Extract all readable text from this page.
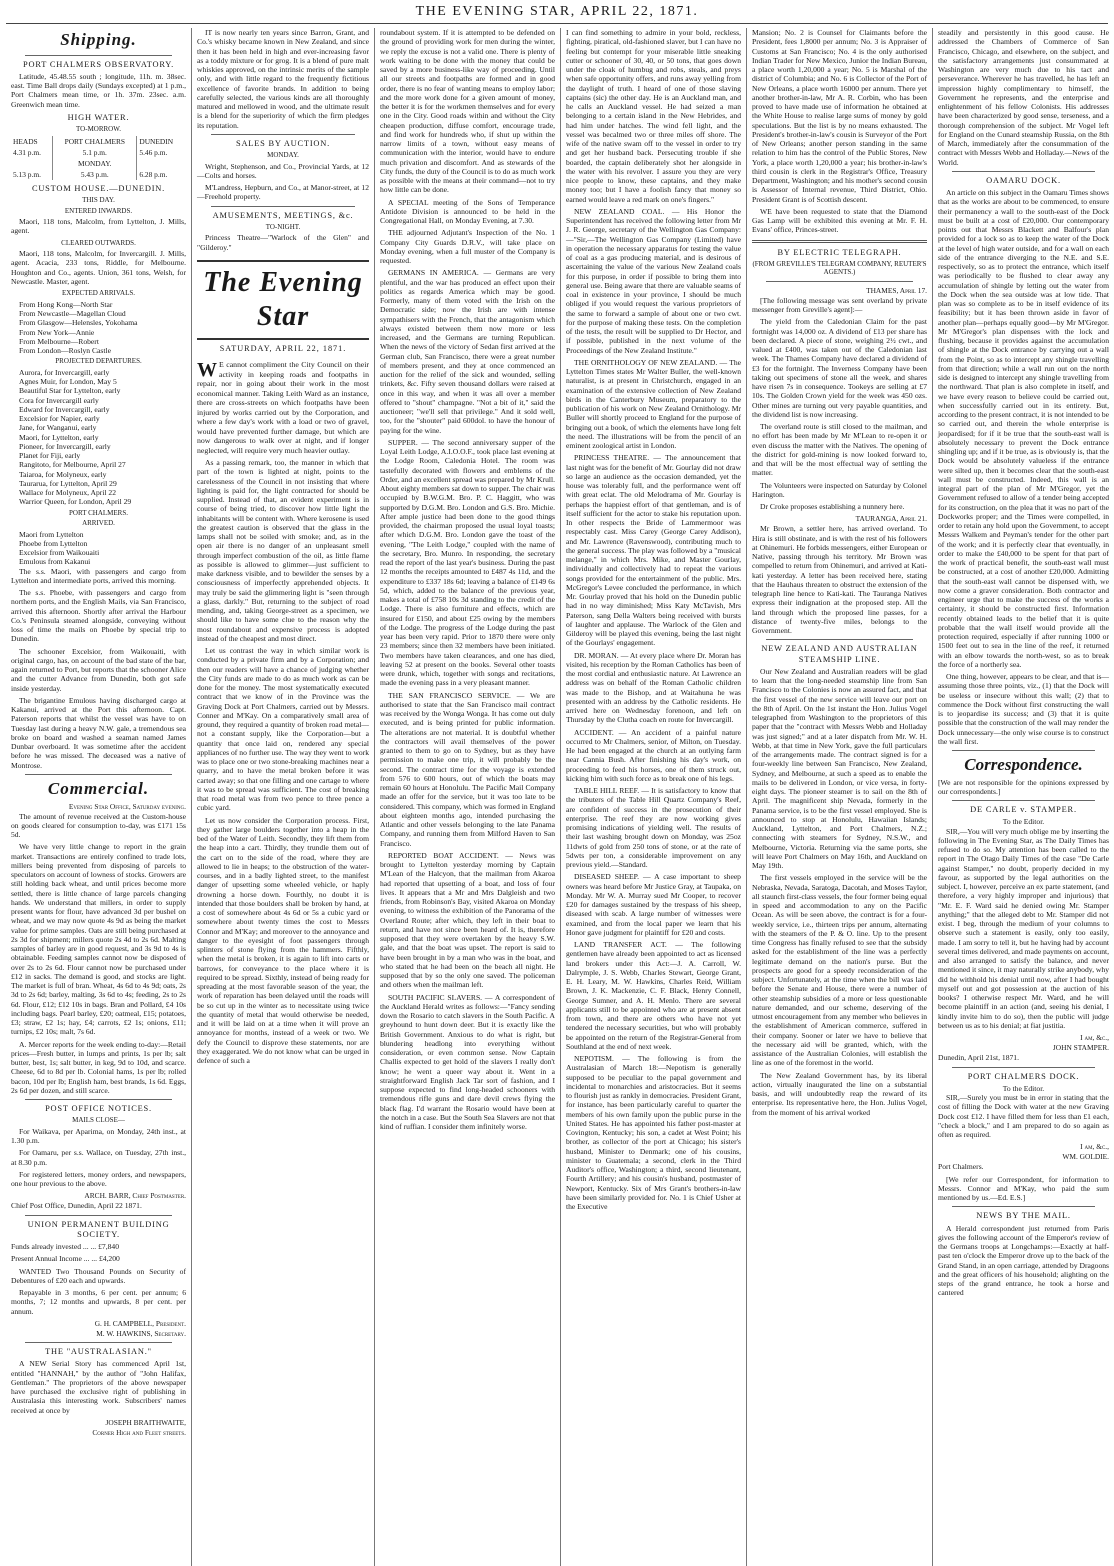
THE EVENING STAR, APRIL 22, 1871.
Shipping.
PORT CHALMERS OBSERVATORY.

Latitude, 45.48.55 south ; longitude, 11h. m. 38sec. east. Time Ball drops daily (Sundays excepted) at 1 p.m., Port Chalmers mean time, or 1h. 37m. 23sec. a.m. Greenwich mean time.

HIGH WATER.
TO-MORROW.
HEADS	PORT CHALMERS	DUNEDIN
4.31 p.m.	5.1 p.m.	5.46 p.m.
	MONDAY.	
5.13 p.m.	5.43 p.m.	6.28 p.m.
CUSTOM HOUSE.—DUNEDIN.
THIS DAY.
ENTERED INWARDS.

Maori, 118 tons, Malcolm, from Lyttelton, J. Mills, agent.

CLEARED OUTWARDS.

Maori, 118 tons, Malcolm, for Invercargill. J. Mills, agent. Acacia, 233 tons, Riddle, for Melbourne. Houghton and Co., agents. Union, 361 tons, Welsh, for Newcastle. Master, agent.

EXPECTED ARRIVALS.
From Hong Kong—North Star
From Newcastle—Magellan Cloud
From Glasgow—Helensles, Yokohama
From New York—Annie
From Melbourne—Robert
From London—Roslyn Castle
PROJECTED DEPARTURES.
Aurora, for Invercargill, early
Agnes Muir, for London, May 5
Beautiful Star for Lyttelton, early
Cora for Invercargill early
Edward for Invercargill, early
Excelsior for Napier, early
Jane, for Wanganui, early
Maori, for Lyttelton, early
Pioneer, for Invercargill, early
Planet for Fiji, early
Rangitoto, for Melbourne, April 27
Taiaroa, for Molyneux, early
Taurarua, for Lyttelton, April 29
Wallace for Molyneux, April 22
Warrior Queen, for London, April 29
PORT CHALMERS.
ARRIVED.
Maori from Lyttelton
Phoebe from Lyttelton
Excelsior from Waikouaiti
Emulous from Kakanui

The s.s. Maori, with passengers and cargo from Lyttelton and intermediate ports, arrived this morning.

The s.s. Phoebe, with passengers and cargo from northern ports, and the English Mails, via San Francisco, arrived this afternoon. Shortly after arrival the Harbour Co.'s Peninsula steamed alongside, conveying without loss of time the mails on Phoebe by special trip to Dunedin.

The schooner Excelsior, from Waikouaiti, with original cargo, has, on account of the bad state of the bar, again returned to Port, but reports that the schooner Alice and the cutter Advance from Dunedin, both got safe inside yesterday.

The brigantine Emulous having discharged cargo at Kakanui, arrived at the Port this afternoon. Capt. Paterson reports that whilst the vessel was have to on Tuesday last during a heavy N.W. gale, a tremendous sea broke on board and washed a seaman named James Dunbar overboard. It was sometime after the accident before he was missed. The deceased was a native of Montrose.

Commercial.
Evening Star Office, Saturday evening.

The amount of revenue received at the Custom-house on goods cleared for consumption to-day, was £171 15s 5d.

We have very little change to report in the grain market. Transactions are entirely confined to trade lots, millers being prevented from disposing of parcels to speculators on account of lowness of stocks. Growers are still holding back wheat, and until prices become more settled, there is little chance of large parcels changing hands. We understand that millers, in order to supply present wants for flour, have advanced 3d per bushel on wheat, and we may now quote 4s 9d as being the market value for prime samples. Oats are still being purchased at 2s 3d for shipment; millers quote 2s 4d to 2s 6d. Malting samples of barley are in good request, and 3s 9d to 4s is obtainable. Feeding samples cannot now be disposed of over 2s to 2s 6d. Flour cannot now be purchased under £12 in sacks. The demand is good, and stocks are light. The market is full of bran. Wheat, 4s 6d to 4s 9d; oats, 2s 3d to 2s 6d; barley, malting, 3s 6d to 4s; feeding, 2s to 2s 6d. Flour, £12; £12 10s in bags. Bran and Pollard, £4 10s including bags. Pearl barley, £20; oatmeal, £15; potatoes, £3; straw, £2 1s; hay, £4; carrots, £2 1s; onions, £11; turnips, £2 10s; malt, 7s 6d.

A. Mercer reports for the week ending to-day:—Retail prices—Fresh butter, in lumps and prints, 1s per lb; salt butter, best, 1s; salt butter, in keg, 9d to 10d, and scarce. Cheese, 6d to 8d per lb. Colonial hams, 1s per lb; rolled bacon, 10d per lb; English ham, best brands, 1s 6d. Eggs, 2s 6d per dozen, and still scarce.

POST OFFICE NOTICES.
MAILS CLOSE—

For Waikava, per Aparima, on Monday, 24th inst., at 1.30 p.m.

For Oamaru, per s.s. Wallace, on Tuesday, 27th inst., at 8.30 p.m.

For registered letters, money orders, and newspapers, one hour previous to the above.

ARCH. BARR, Chief Postmaster.

Chief Post Office, Dunedin, April 22 1871.

UNION PERMANENT BUILDING SOCIETY.

Funds already invested ... ... £7,840

Present Annual Income ... ... £4,200

WANTED Two Thousand Pounds on Security of Debentures of £20 each and upwards.

Repayable in 3 months, 6 per cent. per annum; 6 months, 7; 12 months and upwards, 8 per cent. per annum.

G. H. CAMPBELL, President.
M. W. HAWKINS, Secretary.
THE "AUSTRALASIAN."

A NEW Serial Story has commenced April 1st, entitled "HANNAH," by the author of "John Halifax, Gentleman." The proprietors of the above newspaper have purchased the exclusive right of publishing in Australasia this interesting work. Subscribers' names received at once by

JOSEPH BRAITHWAITE,
Corner High and Fleet streets.

IT is now nearly ten years since Barron, Grant, and Co.'s whisky became known in New Zealand, and since then it has been held in high and ever-increasing favor as a toddy mixture or for grog. It is a blend of pure malt whiskies approved, on the intrinsic merits of the sample only, and with little regard to the frequently fictitious excellence of favorite brands. In addition to being carefully selected, the various kinds are all thoroughly matured and mellowed in wood, and the ultimate result is a blend for the superiority of which the firm pledges its reputation.

SALES BY AUCTION.
MONDAY.

Wright, Stephenson, and Co., Provincial Yards, at 12—Colts and horses.

M'Landress, Hepburn, and Co., at Manor-street, at 12—Freehold property.

AMUSEMENTS, MEETINGS, &c.
TO-NIGHT.

Princess Theatre—"Warlock of the Glen" and "Gilderoy."

The Evening Star
SATURDAY, APRIL 22, 1871.

W E cannot compliment the City Council on their activity in keeping roads and footpaths in repair, nor in going about their work in the most economical manner. Taking Leith Ward as an instance, there are cross-streets on which footpaths have been injured by works carried out by the Corporation, and where a few day's work with a load or two of gravel, would have prevented further damage, but which are now dangerous to walk over at night, and if longer neglected, will require very much heavier outlay.

As a passing remark, too, the manner in which that part of the town is lighted at night, points to the carelessness of the Council in not insisting that where lighting is paid for, the light contracted for should be supplied. Instead of that, an evident experiment is in course of being tried, to discover how little light the inhabitants will be content with. Where kerosene is used the greatest caution is observed that the glass in the lamps shall not be soiled with smoke; and, as in the open air there is no danger of an unpleasant smell through imperfect combustion of the oil, as little flame as possible is allowed to glimmer—just sufficient to make darkness visible, and to bewilder the senses by a consciousness of imperfectly apprehended objects. It may truly be said the glimmering light is "seen through a glass, darkly." But, returning to the subject of road mending, and, taking George-street as a specimen, we should like to have some clue to the reason why the most roundabout and expensive process is adopted instead of the cheapest and most direct.

Let us contrast the way in which similar work is conducted by a private firm and by a Corporation; and then our readers will have a chance of judging whether the City funds are made to do as much work as can be done for the money. The most systematically executed contract that we know of in the Province was the Graving Dock at Port Chalmers, carried out by Messrs. Conner and M'Kay. On a comparatively small area of ground, they required a quantity of broken road metal—not a constant supply, like the Corporation—but a quantity that once laid on, rendered any special appliances of no further use. The way they went to work was to place one or two stone-breaking machines near a quarry, and to have the metal broken before it was carted away; so that one filling and one cartage to where it was to be spread was sufficient. The cost of breaking that road metal was from two pence to three pence a cubic yard.

Let us now consider the Corporation process. First, they gather large boulders together into a heap in the bed of the Water of Leith. Secondly, they lift them from the heap into a cart. Thirdly, they trundle them out of the cart on to the side of the road, where they are allowed to lie in heaps; to the obstruction of the water-courses, and in a badly lighted street, to the manifest danger of upsetting some wheeled vehicle, or haply drowning a horse down. Fourthly, no doubt it is intended that those boulders shall be broken by hand, at a cost of somewhere about 4s 6d or 5s a cubic yard or somewhere about twenty times the cost to Messrs Connor and M'Kay; and moreover to the annoyance and danger to the eyesight of foot passengers through splinters of stone flying from the hammers. Fifthly, when the metal is broken, it is again to lift into carts or barrows, for conveyance to the place where it is required to be spread. Sixthly, instead of being ready for spreading at the most favorable season of the year, the work of reparation has been delayed until the roads will be so cut up in the winter as to necessitate using twice the quantity of metal that would otherwise be needed, and it will be laid on at a time when it will prove an annoyance for months, instead of a week or two. We defy the Council to disprove these statements, nor are they exaggerated. We do not know what can be urged in defence of such a

roundabout system. If it is attempted to be defended on the ground of providing work for men during the winter, we reply the excuse is not a valid one. There is plenty of work waiting to be done with the money that could be saved by a more business-like way of proceeding. Until all our streets and footpaths are formed and in good order, there is no fear of wanting means to employ labor; and the more work done for a given amount of money, the better it is for the workmen themselves and for every one in the City. Good roads within and without the City cheapen production, diffuse comfort, encourage trade, and find work for hundreds who, if shut up within the narrow limits of a town, without easy means of communication with the interior, would have to endure much privation and discomfort. And as stewards of the City funds, the duty of the Council is to do as much work as possible with the means at their command—not to try how little can be done.

A SPECIAL meeting of the Sons of Temperance Antidote Division is announced to be held in the Congregational Hall, on Monday Evening, at 7.30.

THE adjourned Adjutant's Inspection of the No. 1 Company City Guards D.R.V., will take place on Monday evening, when a full muster of the Company is requested.

GERMANS IN AMERICA. — Germans are very plentiful, and the war has produced an effect upon their politics as regards America which may be good. Formerly, many of them voted with the Irish on the Democratic side; now the Irish are with intense sympathisers with the French, that the antagonism which always existed between them now more or less increased, and the Germans are turning Republican. When the news of the victory of Sedan first arrived at the German club, San Francisco, there were a great number of members present, and they at once commenced an auction for the relief of the sick and wounded, selling trinkets, &c. Fifty seven thousand dollars were raised at once in this way, and when it was all over a member offered to "shout" champagne. "Not a bit of it," said the auctioneer; "we'll sell that privilege." And it sold well, too, for the "shouter" paid 600dol. to have the honour of paying for the wine.

SUPPER. — The second anniversary supper of the Loyal Leith Lodge, A.I.O.O.F., took place last evening at the Lodge Room, Caledonia Hotel. The room was tastefully decorated with flowers and emblems of the Order, and an excellent spread was prepared by Mr Krull. About eighty members sat down to supper. The chair was occupied by B.W.G.M. Bro. P. C. Haggitt, who was supported by D.G.M. Bro. London and G.S. Bro. Michie. After ample justice had been done to the good things provided, the chairman proposed the usual loyal toasts; after which D.G.M. Bro. London gave the toast of the evening, "The Leith Lodge," coupled with the name of the secretary, Bro. Munro. In responding, the secretary read the report of the last year's business. During the past 12 months the receipts amounted to £487 4s 11d, and the expenditure to £337 18s 6d; leaving a balance of £149 6s 5d, which, added to the balance of the previous year, makes a total of £758 10s 3d standing to the credit of the Lodge. There is also furniture and effects, which are insured for £150, and about £25 owing by the members of the Lodge. The progress of the Lodge during the past year has been very rapid. Prior to 1870 there were only 23 members; since then 32 members have been initiated. Two members have taken clearances, and one has died, leaving 52 at present on the books. Several other toasts were drunk, which, together with songs and recitations, made the evening pass in a very pleasant manner.

THE SAN FRANCISCO SERVICE. — We are authorised to state that the San Francisco mail contract was received by the Wonga Wonga. It has come out duly executed, and is being printed for public information. The alterations are not material. It is doubtful whether the contractors will avail themselves of the power granted to them to go on to Sydney, but as they have permission to make one trip, it will probably be the second. The contract time for the voyage is extended from 576 to 600 hours, out of which the boats may remain 60 hours at Honolulu. The Pacific Mail Company made an offer for the service, but it was too late to be considered. This company, which was formed in England about eighteen months ago, intended purchasing the Atlantic and other vessels belonging to the late Panama Company, and running them from Milford Haven to San Francisco.

REPORTED BOAT ACCIDENT. — News was brought to Lyttelton yesterday morning by Captain M'Lean of the Halcyon, that the mailman from Akaroa had reported that upsetting of a boat, and loss of four lives. It appears that a Mr and Mrs Dalgleish and two friends, from Robinson's Bay, visited Akaroa on Monday evening, to witness the exhibition of the Panorama of the Overland Route; after which, they left in their boat to return, and have not since been heard of. It is, therefore supposed that they were overtaken by the heavy S.W. gale, and that the boat was upset. The report is said to have been brought in by a man who was in the boat, and who stated that he had been on the beach all night. He supposed that by so the only one saved. The policeman and others when the mailman left.

SOUTH PACIFIC SLAVERS. — A correspondent of the Auckland Herald writes as follows:—"Fancy sending down the Rosario to catch slavers in the South Pacific. A greyhound to hunt down deer. But it is exactly like the British Government. Anxious to do what is right, but blundering headlong into everything without consideration, or even common sense. Now Captain Challis expected to get hold of the slavers I really don't know; he went a queer way about it. Went in a straightforward English Jack Tar sort of fashion, and I suppose expected to find long-headed schooners with tremendous rifle guns and dare devil crews flying the black flag. I'd warrant the Rosario would have been at the notch in a case. But the South Sea Slavers are not that kind of ruffian. I consider them infinitely worse.

I can find something to admire in your bold, reckless, fighting, piratical, old-fashioned slaver, but I can have no feeling but contempt for your miserable little sneaking cutter or schooner of 30, 40, or 50 tons, that goes down under the cloak of humbug and robs, steals, and preys when safe opportunity offers, and runs away yelling from the daylight of truth. I heard of one of those slaving captains (sic) the other day. He is an Auckland man, and he calls an Auckland vessel. He had seized a man belonging to a certain island in the New Hebrides, and had him under hatches. The wind fell light, and the vessel was becalmed two or three miles off shore. The wife of the native swam off to the vessel in order to try and get her husband back. Persecuting trouble if she boarded, the captain deliberately shot her alongside in the water with his revolver. I assure you they are very nice people to know, these captains, and they make money too; but I have a foolish fancy that money so earned would leave a red mark on one's fingers."

NEW ZEALAND COAL. — His Honor the Superintendent has received the following letter from Mr J. R. George, secretary of the Wellington Gas Company:—"Sir,—The Wellington Gas Company (Limited) have in operation the necessary apparatus for testing the value of coal as a gas producing material, and is desirous of ascertaining the value of the various New Zealand coals for this purpose, in order if possible to bring them into general use. Being aware that there are valuable seams of coal in existence in your province, I should be much obliged if you would request the various proprietors of the same to forward a sample of about one or two cwt. for the purpose of making these tests. On the completion of the tests, the result will be supplied to Dr Hector, and if possible, published in the next volume of the Proceedings of the New Zealand Institute."

THE ORNITHOLOGY OF NEW ZEALAND. — The Lyttelton Times states Mr Walter Buller, the well-known naturalist, is at present in Christchurch, engaged in an examination of the extensive collection of New Zealand birds in the Canterbury Museum, preparatory to the publication of his work on New Zealand Ornithology. Mr Buller will shortly proceed to England for the purpose of bringing out a book, of which the elements have long felt the need. The illustrations will be from the pencil of an eminent zoological artist in London.

PRINCESS THEATRE. — The announcement that last night was for the benefit of Mr. Gourlay did not draw so large an audience as the occasion demanded, yet the house was tolerably full, and the performance went off with great eclat. The old Melodrama of Mr. Gourlay is perhaps the happiest effort of that gentleman, and is of itself sufficient for the actor to stake his reputation upon. In other respects the Bride of Lammermoor was respectably cast. Miss Carey (George Carey Addison), and Mr. Lawrence (Ravenswood), contributing much to the general success. The play was followed by a "musical melange," in which Mrs. Mike, and Master Gourlay, individually and collectively had to repeat the various songs provided for the entertainment of the public. Mrs. McGregor's Levee concluded the performance, in which Mr. Gourlay proved that his hold on the Dunedin public had in no way diminished; Miss Katy McTavish, Mrs Paterson, sang Della Walters being received with bursts of laughter and applause. The Warlock of the Glen and Gilderoy will be played this evening, being the last night of the Gourlays' engagement.

DR. MORAN. — At every place where Dr. Moran has visited, his reception by the Roman Catholics has been of the most cordial and enthusiastic nature. At Lawrence an address was on behalf of the Roman Catholic children was made to the Bishop, and at Waitahuna he was presented with an address by the Catholic residents. He arrived here on Wednesday forenoon, and left on Thursday by the Clutha coach en route for Invercargill.

ACCIDENT. — An accident of a painful nature occurred to Mr Chalmers, senior, of Milton, on Tuesday. He had been engaged at the church at an outlying farm near Cannia Bush. After finishing his day's work, on proceeding to feed his horses, one of them struck out, kicking him with such force as to break one of his legs.

TABLE HILL REEF. — It is satisfactory to know that the tributers of the Table Hill Quartz Company's Reef, are confident of success in the prosecution of their enterprise. The reef they are now working gives promising indications of yielding well. The results of their last washing brought down on Monday, was 25oz 11dwts of gold from 250 tons of stone, or at the rate of 5dwts per ton, a considerable improvement on any previous yield.—Standard.

DISEASED SHEEP. — A case important to sheep owners was heard before Mr Justice Gray, at Taupaka, on Monday. Mr W. A. Murray sued Mr Cooper, to recover £20 for damages sustained by the trespass of his sheep, diseased with scab. A large number of witnesses were examined, and from the local paper we learn that his Honor gave judgment for plaintiff for £20 and costs.

LAND TRANSFER ACT. — The following gentlemen have already been appointed to act as licensed land brokers under this Act:—J. A. Carroll, W. Dalrymple, J. S. Webb, Charles Stewart, George Grant, E. H. Leary, M. W. Hawkins, Charles Reid, William Brown, J. K. Mackenzie, C. F. Black, Henry Connell, George Sumner, and A. H. Menlo. There are several applicants still to be appointed who are at present absent from town, and there are others who have not yet tendered the necessary securities, but who will probably be appointed on the return of the Registrar-General from Southland at the end of next week.

NEPOTISM. — The following is from the Australasian of March 18:—Nepotism is generally supposed to be peculiar to the papal government and incidental to monarchies and aristocracies. But it seems to flourish just as rankly in democracies. President Grant, for instance, has been particularly careful to quarter the members of his own family upon the public purse in the United States. He has appointed his father post-master at Covington, Kentucky; his son, a cadet at West Point; his brother, as collector of the port at Chicago; his sister's husband, Minister to Denmark; one of his cousins, minister to Guatemala; a second, clerk in the Third Auditor's office, Washington; a third, second lieutenant, Fourth Artillery; and his cousin's husband, postmaster of Newport, Kentucky. Six of Mrs Grant's brothers-in-law have been similarly provided for. No. 1 is Chief Usher at the Executive

Mansion; No. 2 is Counsel for Claimants before the President, fees 1,8000 per annum; No. 3 is Appraiser of Customs at San Francisco; No. 4 is the only authorised Indian Trader for New Mexico, Junior the Indian Bureau, a place worth 1,20,000 a year; No. 5 is Marshal of the district of Columbia; and No. 6 is Collector of the Port of New Orleans, a place worth 16000 per annum. There yet another brother-in-law, Mr A. R. Corbin, who has been proved to have made use of information he obtained at the White House to realise large sums of money by gold speculations. But the list is by no means exhausted. The President's brother-in-law's cousin is Surveyor of the Port of New Orleans; another person standing in the same relation to him has the control of the Public Stores, New York, a place worth 1,20,000 a year; his brother-in-law's third cousin is clerk in the Registrar's Office, Treasury Department, Washington; and his mother's second cousin is Assessor of Internal revenue, Third District, Ohio. President Grant is of Scottish descent.

WE have been requested to state that the Diamond Gas Lamp will be exhibited this evening at Mr. F. H. Evans' office, Princes-street.

BY ELECTRIC TELEGRAPH.
(FROM GREVILLE'S TELEGRAM COMPANY, REUTER'S AGENTS.)
THAMES, April 17.

[The following message was sent overland by private messenger from Greville's agent]:—

The yield from the Caledonian Claim for the past fortnight was 14,000 oz. A dividend of £13 per share has been declared. A piece of stone, weighing 2½ cwt., and valued at £400, was taken out of the Caledonian last week. The Thames Company have declared a dividend of £3 for the fortnight. The Inverness Company have been taking out specimens of stone all the week, and shares have risen 7s in consequence. Tookeys are selling at £7 10s. The Golden Crown yield for the week was 450 ozs. Other mines are turning out very payable quantities, and the dividend list is now increasing.

The overland route is still closed to the mailman, and no effort has been made by Mr M'Lean to re-open it or even discuss the matter with the Natives. The opening of the district for gold-mining is now looked forward to, and that will be the most effectual way of settling the matter.

The Volunteers were inspected on Saturday by Colonel Harington.

Dr Croke proposes establishing a nunnery here.

TAURANGA, April 21.

Mr Brown, a settler here, has arrived overland. To Hira is still obstinate, and is with the rest of his followers at Ohinemuri. He forbids messengers, either European or Native, passing through his territory. Mr Brown was compelled to return from Ohinemuri, and arrived at Kati-kati yesterday. A letter has been received here, stating that the Hauhaus threaten to obstruct the extension of the telegraph line hence to Kati-kati. The Tauranga Natives express their indignation at the proposed step. All the land through which the proposed line passes, for a distance of twenty-five miles, belongs to the Government.

NEW ZEALAND AND AUSTRALIAN STEAMSHIP LINE.

Our New Zealand and Australian readers will be glad to learn that the long-needed steamship line from San Francisco to the Colonies is now an assured fact, and that the first vessel of the new service will leave our port on the 8th of April. On the 1st instant the Hon. Julius Vogel telegraphed from Washington to the proprietors of this paper that the "contract with Messrs Webb and Holladay was just signed;" and at a later dispatch from Mr. W. H. Webb, at that time in New York, gave the full particulars of the arrangements made. The contract signed is for a four-weekly line between San Francisco, New Zealand, Sydney, and Melbourne, at such a speed as to enable the mails to be delivered in London, or vice versa, in forty-eight days. The pioneer steamer is to sail on the 8th of April. The magnificent ship Nevada, formerly in the Panama service, is to be the first vessel employed. She is announced to stop at Honolulu, Hawaiian Islands; Auckland, Lyttelton, and Port Chalmers, N.Z.; connecting with steamers for Sydney, N.S.W., and Melbourne, Victoria. Returning via the same ports, she will leave Port Chalmers on May 16th, and Auckland on May 19th.

The first vessels employed in the service will be the Nebraska, Nevada, Saratoga, Dacotah, and Moses Taylor, all staunch first-class vessels, the four former being equal in speed and accommodation to any on the Pacific Ocean. As will be seen above, the contract is for a four-weekly service, i.e., thirteen trips per annum, alternating with the steamers of the P. & O. line. Up to the present time Congress has finally refused to see that the subsidy asked for the establishment of the line was a perfectly legitimate demand on the nation's purse. But the prospects are good for a speedy reconsideration of the subject. Unfortunately, at the time when the bill was laid before the Senate and House, there were a number of other steamship subsidies of a more or less questionable nature demanded, and our scheme, deserving of the utmost encouragement from any member who believes in the establishment of American commerce, suffered in their company. Sooner or later we have to believe that the necessary aid will be granted, which, with the assistance of the Australian Colonies, will establish the line as one of the foremost in the world.

The New Zealand Government has, by its liberal action, virtually inaugurated the line on a substantial basis, and will undoubtedly reap the reward of its enterprise. Its representative here, the Hon. Julius Vogel, from the moment of his arrival worked

steadily and persistently in this good cause. He addressed the Chambers of Commerce of San Francisco, Chicago, and elsewhere, on the subject, and the satisfactory arrangements just consummated at Washington are very much due to his tact and perseverance. Wherever he has travelled, he has left an impression highly complimentary to himself, the Government he represents, and the enterprise and enlightenment of his fellow Colonists. His addresses have been characterized by good sense, terseness, and a thorough comprehension of the subject. Mr Vogel left for England on the Cunard steamship Russia, on the 8th of March, immediately after the consummation of the contract with Messrs Webb and Holladay.—News of the World.

OAMARU DOCK.

An article on this subject in the Oamaru Times shows that as the works are about to be commenced, to ensure their permanency a wall to the south-east of the Dock must be built at a cost of £20,000. Our contemporary points out that Messrs Blackett and Balfour's plan provided for a lock so as to keep the water of the Dock at the level of high water outside, and for a wall on each side of the entrance diverging to the N.E. and S.E. respectively, so as to protect the entrance, which itself was periodically to be flushed to clear away any accumulation of shingle by letting out the water from the Dock when the sea outside was at low tide. That plan was so complete as to be in itself evidence of its feasibility; but it has been thrown aside in favor of another plan—perhaps equally good—by Mr M'Gregor. Mr M'Gregor's plan dispenses with the lock and flushing, because it provides against the accumulation of shingle at the Dock entrance by carrying out a wall from the Point, so as to intercept any shingle travelling from that direction; while a wall run out on the north side is designed to intercept any shingle travelling from the northward. That plan is also complete in itself, and we have every reason to believe could be carried out, when successfully carried out in its entirety. But, according to the present contract, it is not intended to be so carried out, and therein the whole enterprise is jeopardised; for if it be true that the south-east wall is absolutely necessary to prevent the Dock entrance shingling up; and if it be true, as is obviously is, that the Dock would be absolutely valueless if the entrance were silted up, then it becomes clear that the south-east wall must be constructed. Indeed, this wall is an integral part of the plan of Mr M'Gregor, yet the Government refused to allow of a tender being accepted for its construction, on the plea that it was no part of the Dockworks proper; and the Times were compelled, in order to retain any hold upon the Government, to accept Messrs Walkem and Peyman's tender for the other part of the work; and it is perfectly clear that eventually, in order to make the £40,000 to be spent for that part of the work of practical benefit, the south-east wall must be constructed, at a cost of another £20,000. Admitting that the south-east wall cannot be dispensed with, we now come a graver consideration. Both contractor and engineer urge that to make the success of the works a certainty, it should be constructed first. Information recently obtained leads to the belief that it is quite probable that the wall itself would provide all the protection required, especially if after running 1000 or 1500 feet out to sea in the line of the reef, it returned with an elbow towards the north-west, so as to break the force of a northerly sea.

One thing, however, appears to be clear, and that is—assuming those three points, viz., (1) that the Dock will be useless or insecure without this wall; (2) that to commence the Dock without first constructing the wall is to jeopardise its success; and (3) that it is quite possible that the construction of the wall may render the Dock unnecessary—the only wise course is to construct the wall first.

Correspondence.

[We are not responsible for the opinions expressed by our correspondents.]

DE CARLE v. STAMPER.
To the Editor.

SIR,—You will very much oblige me by inserting the following in The Evening Star, as The Daily Times has refused to do so. My attention has been called to the report in The Otago Daily Times of the case "De Carle against Stamper," no doubt, properly decided in my favour, as supported by the legal authorities on the subject. I, however, perceive an ex parte statement, (and therefore, a very highly improper and injurious) that "Mr. E. F. Ward said he denied owing Mr. Stamper anything;" that the alleged debt to Mr. Stamper did not exist. I beg, through the medium of your columns to observe such a statement is easily, only too easily, made. I am sorry to tell it, but he having had by account several times delivered, and made payments on account, and also arranged to satisfy the balance, and never mentioned it since, it may naturally strike anybody, why did he withhold his denial until now, after I had bought myself out and got possession at the auction of his books? I otherwise respect Mr. Ward, and he will become plaintiff in an action (and, seeing his denial, I kindly invite him to do so), then the public will judge between us as to his denial; at fiat justitia.

I am, &c.,
JOHN STAMPER.

Dunedin, April 21st, 1871.

PORT CHALMERS DOCK.
To the Editor.

SIR,—Surely you must be in error in stating that the cost of filling the Dock with water at the new Graving Dock cost £12. I have filled them for less than £1 each, "check a block," and I am prepared to do so again as often as required.

I am, &c.,
WM. GOLDIE.

Port Chalmers.

[We refer our Correspondent, for information to Messrs. Connor and M'Kay, who paid the sum mentioned by us.—Ed. E.S.]

NEWS BY THE MAIL.

A Herald correspondent just returned from Paris gives the following account of the Emperor's review of the Germans troops at Longchamps:—Exactly at half-past ten o'clock the Emperor drove up to the back of the Grand Stand, in an open carriage, attended by Dragoons and the great officers of his household; alighting on the steps of the grand entrance, he took a horse and cantered
